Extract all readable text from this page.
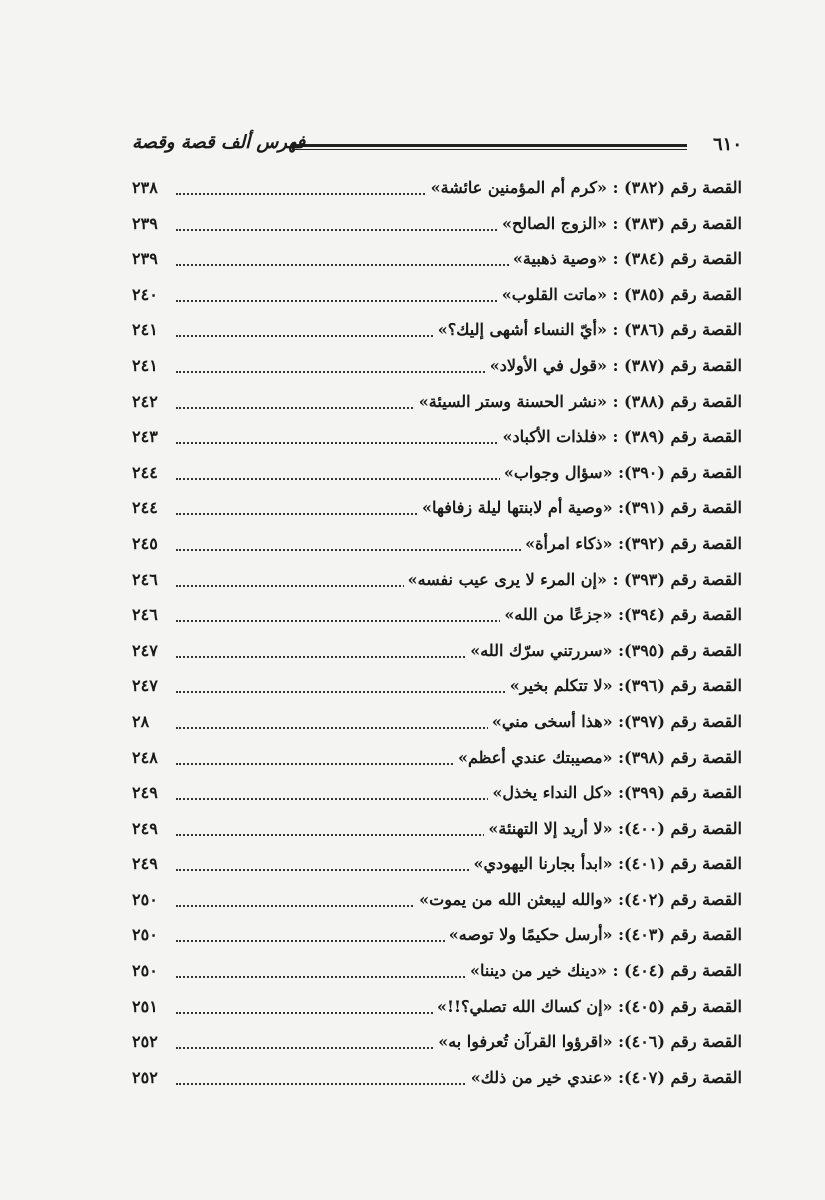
٦١٠
فهرس ألف قصة وقصة
القصة رقم (٣٨٢) : «كرم أم المؤمنين عائشة»
٢٣٨
القصة رقم (٣٨٣) : «الزوج الصالح»
٢٣٩
القصة رقم (٣٨٤) : «وصية ذهبية»
٢٣٩
القصة رقم (٣٨٥) : «ماتت القلوب»
٢٤٠
القصة رقم (٣٨٦) : «أيّ النساء أشهى إليك؟»
٢٤١
القصة رقم (٣٨٧) : «قول في الأولاد»
٢٤١
القصة رقم (٣٨٨) : «نشر الحسنة وستر السيئة»
٢٤٢
القصة رقم (٣٨٩) : «فلذات الأكباد»
٢٤٣
القصة رقم (٣٩٠): «سؤال وجواب»
٢٤٤
القصة رقم (٣٩١): «وصية أم لابنتها ليلة زفافها»
٢٤٤
القصة رقم (٣٩٢): «ذكاء امرأة»
٢٤٥
القصة رقم (٣٩٣) : «إن المرء لا يرى عيب نفسه»
٢٤٦
القصة رقم (٣٩٤): «جزعًا من الله»
٢٤٦
القصة رقم (٣٩٥): «سررتني سرّك الله»
٢٤٧
القصة رقم (٣٩٦): «لا تتكلم بخير»
٢٤٧
القصة رقم (٣٩٧): «هذا أسخى مني»
٢٨
القصة رقم (٣٩٨): «مصيبتك عندي أعظم»
٢٤٨
القصة رقم (٣٩٩): «كل النداء يخذل»
٢٤٩
القصة رقم (٤٠٠): «لا أريد إلا التهنئة»
٢٤٩
القصة رقم (٤٠١): «ابدأ بجارنا اليهودي»
٢٤٩
القصة رقم (٤٠٢): «والله ليبعثن الله من يموت»
٢٥٠
القصة رقم (٤٠٣): «أرسل حكيمًا ولا توصه»
٢٥٠
القصة رقم (٤٠٤) : «دينك خير من ديننا»
٢٥٠
القصة رقم (٤٠٥): «إن كساك الله تصلي؟!!»
٢٥١
القصة رقم (٤٠٦): «اقرؤوا القرآن تُعرفوا به»
٢٥٢
القصة رقم (٤٠٧): «عندي خير من ذلك»
٢٥٢
